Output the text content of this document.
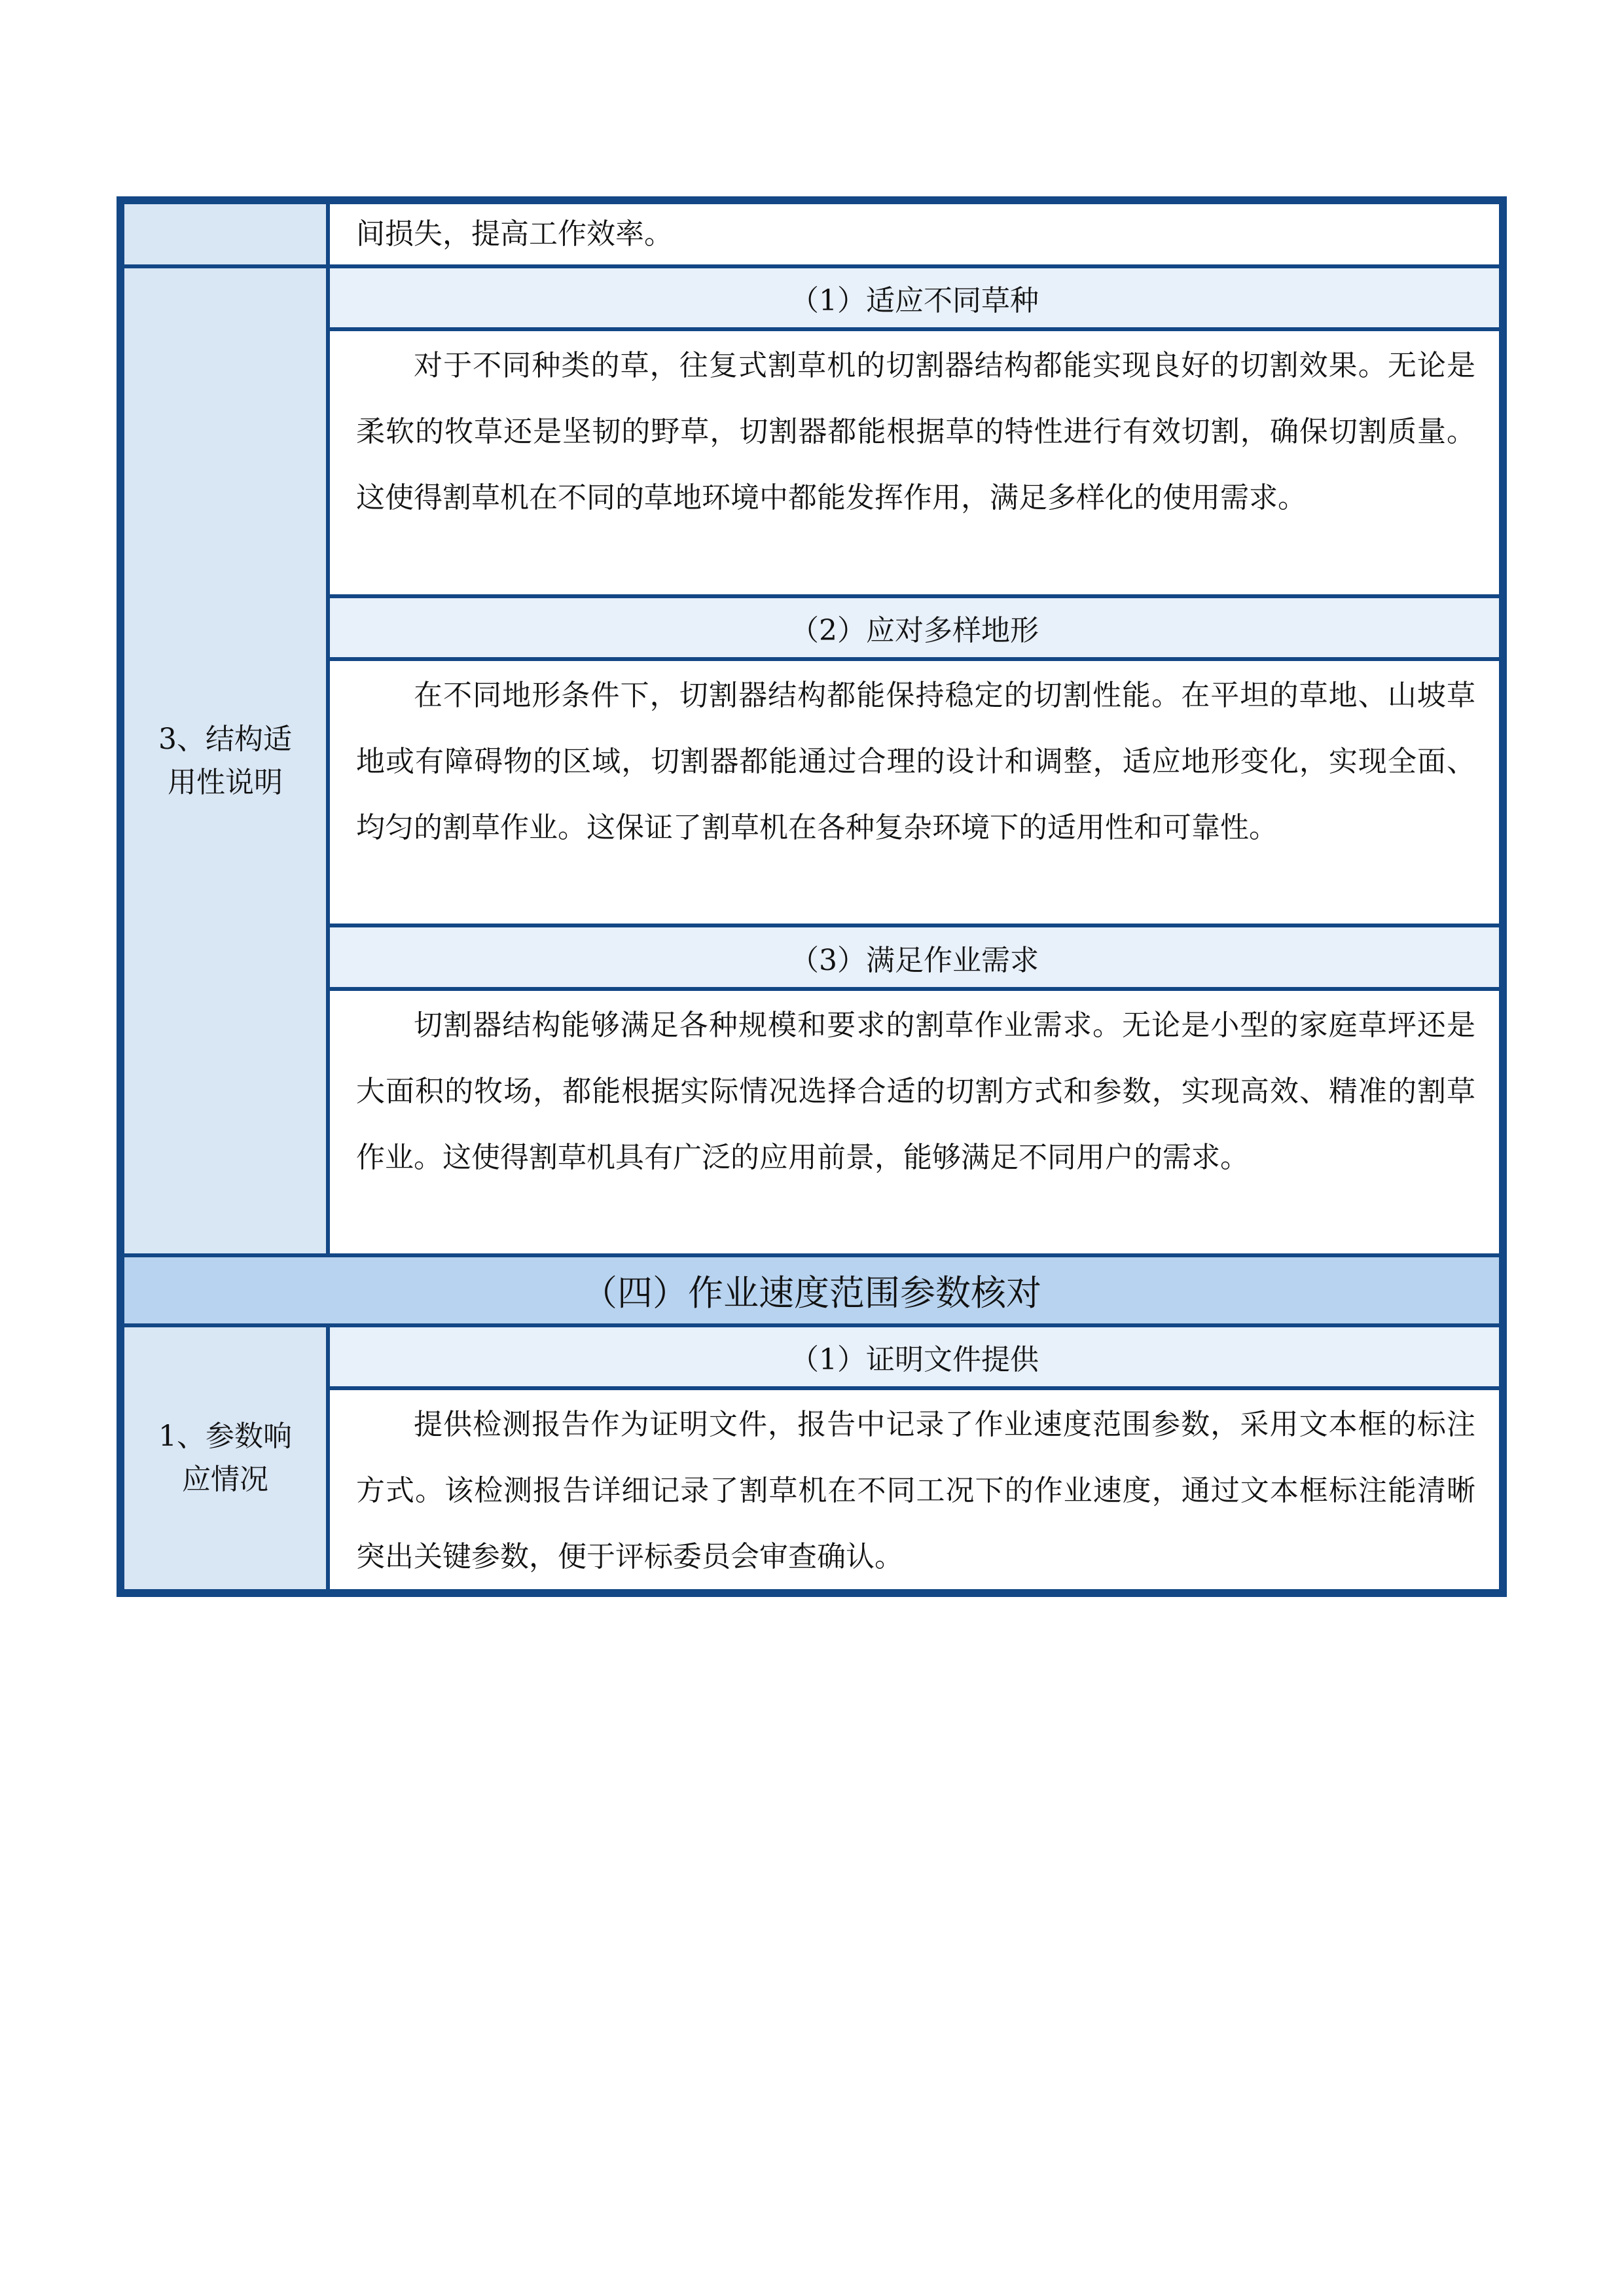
间损失，提高工作效率。
3、结构适
用性说明
（1）适应不同草种
对于不同种类的草，往复式割草机的切割器结构都能实现良好的切割效果。无论是柔软的牧草还是坚韧的野草，切割器都能根据草的特性进行有效切割，确保切割质量。这使得割草机在不同的草地环境中都能发挥作用，满足多样化的使用需求。
（2）应对多样地形
在不同地形条件下，切割器结构都能保持稳定的切割性能。在平坦的草地、山坡草地或有障碍物的区域，切割器都能通过合理的设计和调整，适应地形变化，实现全面、均匀的割草作业。这保证了割草机在各种复杂环境下的适用性和可靠性。
（3）满足作业需求
切割器结构能够满足各种规模和要求的割草作业需求。无论是小型的家庭草坪还是大面积的牧场，都能根据实际情况选择合适的切割方式和参数，实现高效、精准的割草作业。这使得割草机具有广泛的应用前景，能够满足不同用户的需求。
（四）作业速度范围参数核对
1、参数响
应情况
（1）证明文件提供
提供检测报告作为证明文件，报告中记录了作业速度范围参数，采用文本框的标注方式。该检测报告详细记录了割草机在不同工况下的作业速度，通过文本框标注能清晰突出关键参数，便于评标委员会审查确认。
